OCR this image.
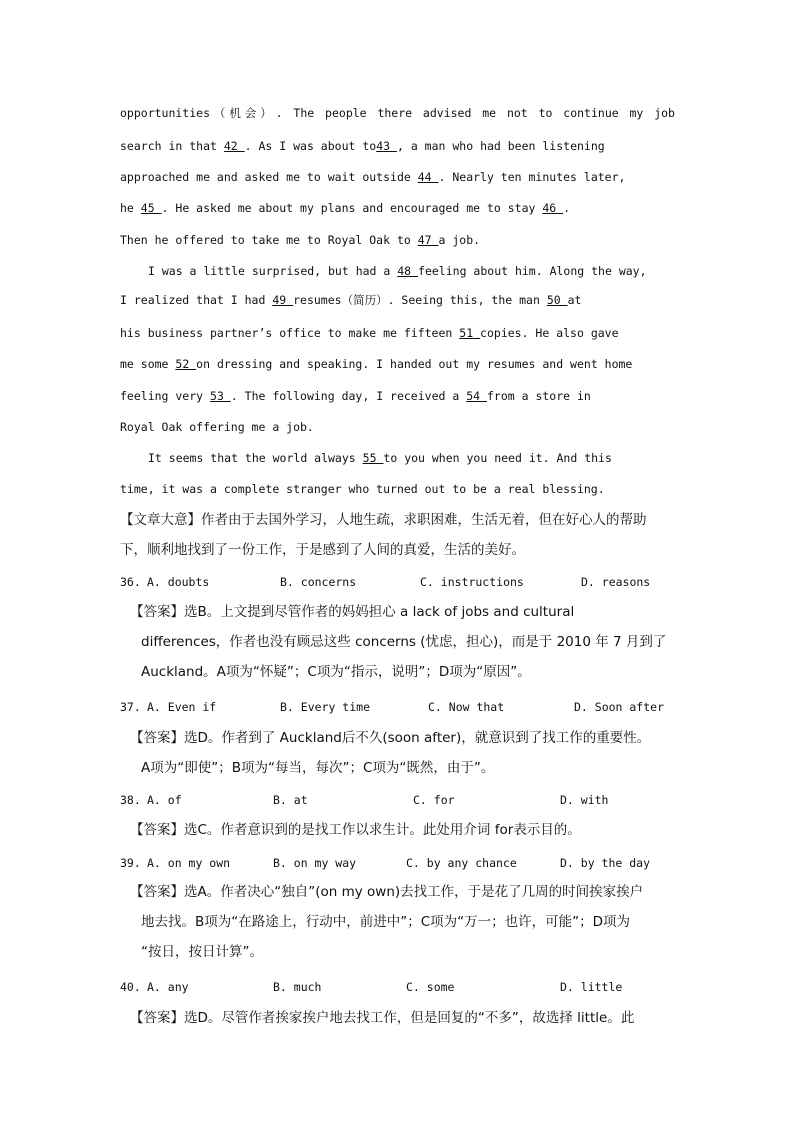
opportunities（机会）. The people there advised me not to continue my job
search in that 42 . As I was about to43 , a man who had been listening
approached me and asked me to wait outside 44 . Nearly ten minutes later,
he 45 . He asked me about my plans and encouraged me to stay 46 .
Then he offered to take me to Royal Oak to 47 a job.
I was a little surprised, but had a 48 feeling about him. Along the way,
I realized that I had 49 resumes（简历）. Seeing this, the man 50 at
his business partner’s office to make me fifteen 51 copies. He also gave
me some 52 on dressing and speaking. I handed out my resumes and went home
feeling very 53 . The following day, I received a 54 from a store in
Royal Oak offering me a job.
It seems that the world always 55 to you when you need it. And this
time, it was a complete stranger who turned out to be a real blessing.
【文章大意】作者由于去国外学习，人地生疏，求职困难，生活无着，但在好心人的帮助
下，顺利地找到了一份工作，于是感到了人间的真爱，生活的美好。
36. A. doubts	B. concerns	C. instructions	D. reasons
【答案】选B。上文提到尽管作者的妈妈担心 a lack of jobs and cultural
differences，作者也没有顾忌这些 concerns (忧虑，担心)，而是于 2010 年 7 月到了
Auckland。A项为“怀疑”；C项为“指示，说明”；D项为“原因”。
37. A. Even if	B. Every time	C. Now that	D. Soon after
【答案】选D。作者到了 Auckland后不久(soon after)，就意识到了找工作的重要性。
A项为“即使”；B项为“每当，每次”；C项为“既然，由于”。
38. A. of	B. at	C. for	D. with
【答案】选C。作者意识到的是找工作以求生计。此处用介词 for表示目的。
39. A. on my own	B. on my way	C. by any chance	D. by the day
【答案】选A。作者决心“独自”(on my own)去找工作，于是花了几周的时间挨家挨户
地去找。B项为“在路途上，行动中，前进中”；C项为“万一；也许，可能”；D项为
“按日，按日计算”。
40. A. any	B. much	C. some	D. little
【答案】选D。尽管作者挨家挨户地去找工作，但是回复的“不多”，故选择 little。此
